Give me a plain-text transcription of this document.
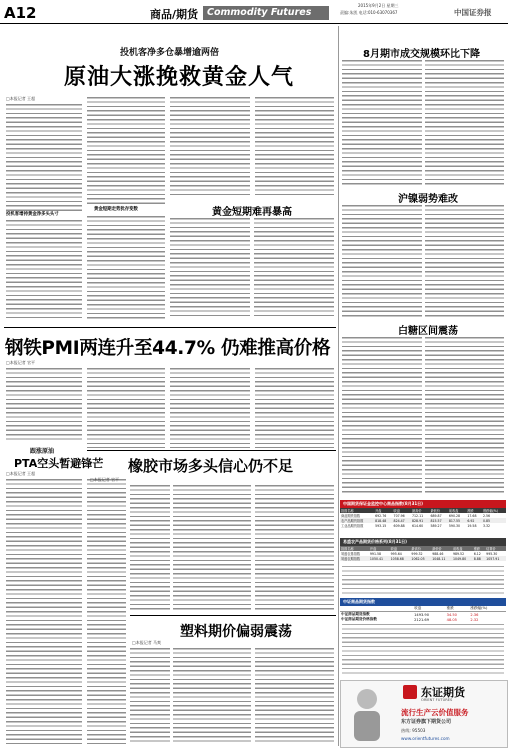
A12	商品/期货 Commodity Futures
2015年9月2日 星期三
责编:朱凯 电话:010-63070367	中国证券报
投机客净多仓暴增逾两倍
原油大涨挽救黄金人气
□本报记者 王超
投机客增持黄金净多头头寸
黄金短期走势犹存变数	黄金短期难再暴高
8月期市成交规模环比下降
沪镍弱势难改
白糖区间震荡
钢铁PMI两连升至44.7% 仍难推高价格
□本报记者 官平
跟涨原油
PTA空头暂避锋芒
□本报记者 王超	橡胶市场多头信心仍不足
□本报记者 官平
塑料期价偏弱震荡
□本报记者 马爽
中国期货保证金监控中心商品指数(8月31日)
指数名称	开盘	收盘	最高价	最低价	前收盘	涨跌	涨跌幅(%)
商品期货指数	692.76	707.96	712.11	689.87	690.28	17.68	2.56
农产品期货指数	818.48	824.47	828.91	815.57	817.55	6.92	0.85
工业品期货指数	593.15	609.88	614.60	589.27	590.30	19.58	3.32
易盛农产品期货价格系列(8月31日)
指数名称	开盘	收盘	最高价	最低价	前收盘	涨跌	结算价
易盛农基指数	991.58	995.64	999.32	988.46	989.52	6.12	995.30
易盛农期指数	1050.41	1058.68	1062.05	1048.11	1049.80	8.88	1057.91
中证商品期货指数
	收盘	涨跌	涨跌幅(%)
中证商品期货指数	1493.90	34.50	2.36
中证商品期货价格指数	2121.69	48.05	2.32
东证期货
ORIENT FUTURES
流行生产云价值服务
东方证券旗下期货公司
热线: 95503
www.orientfutures.com
